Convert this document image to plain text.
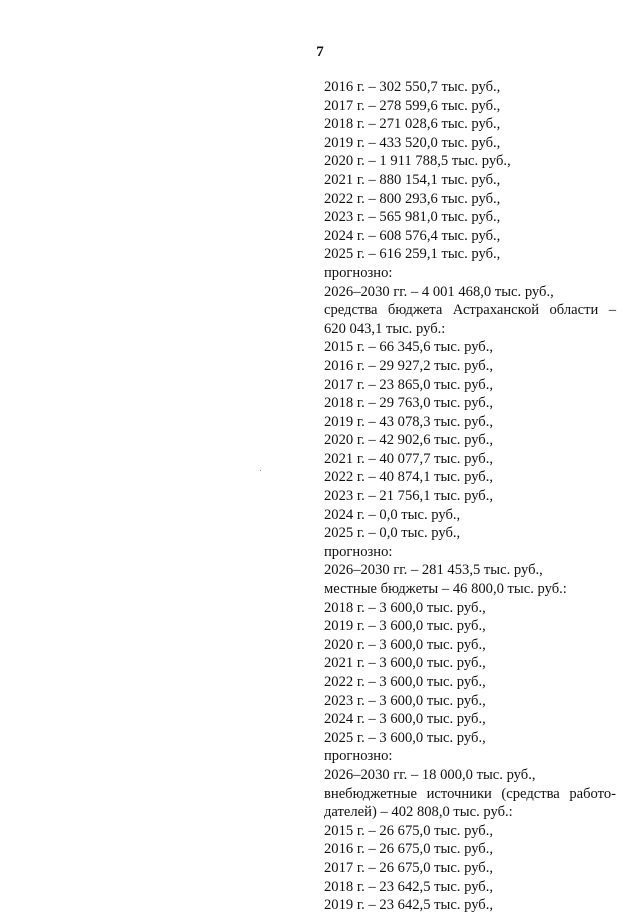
7
2016 г. – 302 550,7 тыс. руб.,
2017 г. – 278 599,6 тыс. руб.,
2018 г. – 271 028,6 тыс. руб.,
2019 г. – 433 520,0 тыс. руб.,
2020 г. – 1 911 788,5 тыс. руб.,
2021 г. – 880 154,1 тыс. руб.,
2022 г. – 800 293,6 тыс. руб.,
2023 г. – 565 981,0 тыс. руб.,
2024 г. – 608 576,4 тыс. руб.,
2025 г. – 616 259,1 тыс. руб.,
прогнозно:
2026–2030 гг. – 4 001 468,0 тыс. руб.,
средства бюджета Астраханской области –
620 043,1 тыс. руб.:
2015 г. – 66 345,6 тыс. руб.,
2016 г. – 29 927,2 тыс. руб.,
2017 г. – 23 865,0 тыс. руб.,
2018 г. – 29 763,0 тыс. руб.,
2019 г. – 43 078,3 тыс. руб.,
2020 г. – 42 902,6 тыс. руб.,
2021 г. – 40 077,7 тыс. руб.,
2022 г. – 40 874,1 тыс. руб.,
2023 г. – 21 756,1 тыс. руб.,
2024 г. – 0,0 тыс. руб.,
2025 г. – 0,0 тыс. руб.,
прогнозно:
2026–2030 гг. – 281 453,5 тыс. руб.,
местные бюджеты – 46 800,0 тыс. руб.:
2018 г. – 3 600,0 тыс. руб.,
2019 г. – 3 600,0 тыс. руб.,
2020 г. – 3 600,0 тыс. руб.,
2021 г. – 3 600,0 тыс. руб.,
2022 г. – 3 600,0 тыс. руб.,
2023 г. – 3 600,0 тыс. руб.,
2024 г. – 3 600,0 тыс. руб.,
2025 г. – 3 600,0 тыс. руб.,
прогнозно:
2026–2030 гг. – 18 000,0 тыс. руб.,
внебюджетные источники (средства работо-
дателей) – 402 808,0 тыс. руб.:
2015 г. – 26 675,0 тыс. руб.,
2016 г. – 26 675,0 тыс. руб.,
2017 г. – 26 675,0 тыс. руб.,
2018 г. – 23 642,5 тыс. руб.,
2019 г. – 23 642,5 тыс. руб.,
